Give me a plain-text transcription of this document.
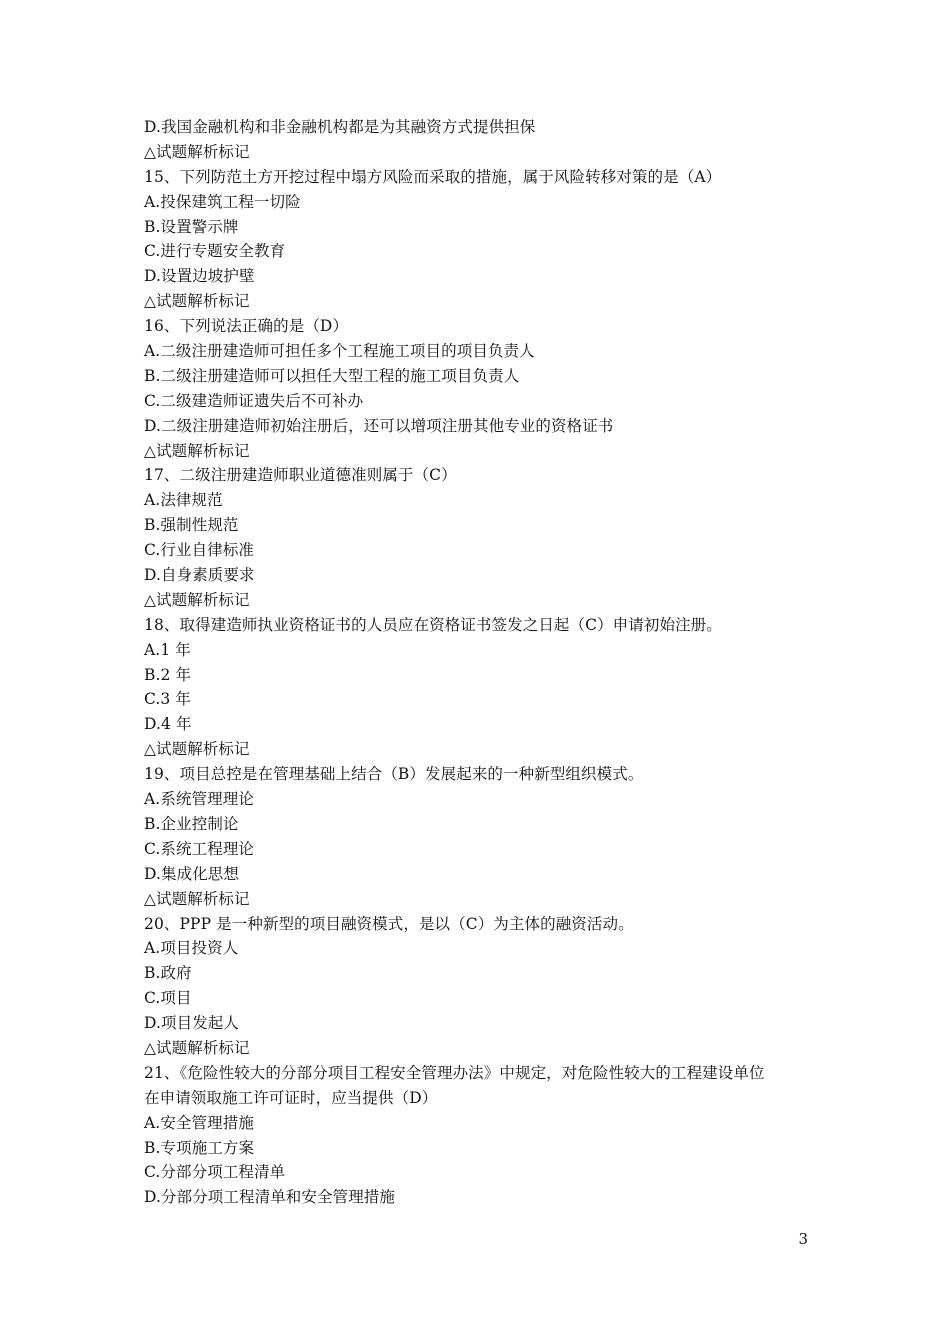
D.我国金融机构和非金融机构都是为其融资方式提供担保
△试题解析标记
15、下列防范土方开挖过程中塌方风险而采取的措施，属于风险转移对策的是（A）
A.投保建筑工程一切险
B.设置警示牌
C.进行专题安全教育
D.设置边坡护壁
△试题解析标记
16、下列说法正确的是（D）
A.二级注册建造师可担任多个工程施工项目的项目负责人
B.二级注册建造师可以担任大型工程的施工项目负责人
C.二级建造师证遗失后不可补办
D.二级注册建造师初始注册后，还可以增项注册其他专业的资格证书
△试题解析标记
17、二级注册建造师职业道德准则属于（C）
A.法律规范
B.强制性规范
C.行业自律标准
D.自身素质要求
△试题解析标记
18、取得建造师执业资格证书的人员应在资格证书签发之日起（C）申请初始注册。
A.1 年
B.2 年
C.3 年
D.4 年
△试题解析标记
19、项目总控是在管理基础上结合（B）发展起来的一种新型组织模式。
A.系统管理理论
B.企业控制论
C.系统工程理论
D.集成化思想
△试题解析标记
20、PPP 是一种新型的项目融资模式，是以（C）为主体的融资活动。
A.项目投资人
B.政府
C.项目
D.项目发起人
△试题解析标记
21、《危险性较大的分部分项目工程安全管理办法》中规定，对危险性较大的工程建设单位
在申请领取施工许可证时，应当提供（D）
A.安全管理措施
B.专项施工方案
C.分部分项工程清单
D.分部分项工程清单和安全管理措施
3
